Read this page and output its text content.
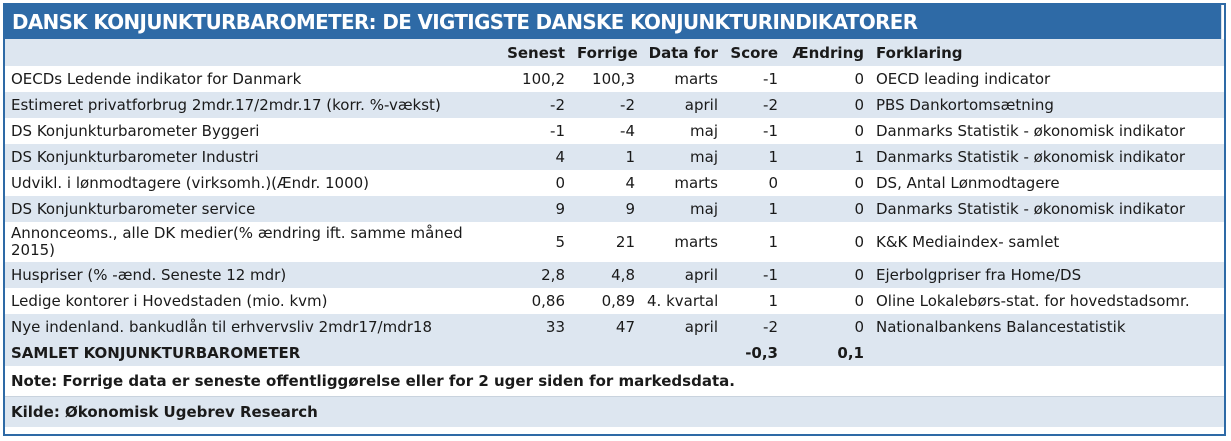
DANSK KONJUNKTURBAROMETER: DE VIGTIGSTE DANSKE KONJUNKTURINDIKATORER
	Senest	Forrige	Data for	Score	Ændring	Forklaring
OECDs Ledende indikator for Danmark	100,2	100,3	marts	-1	0	OECD leading indicator
Estimeret privatforbrug 2mdr.17/2mdr.17 (korr. %-vækst)	-2	-2	april	-2	0	PBS Dankortomsætning
DS Konjunkturbarometer Byggeri	-1	-4	maj	-1	0	Danmarks Statistik - økonomisk indikator
DS Konjunkturbarometer Industri	4	1	maj	1	1	Danmarks Statistik - økonomisk indikator
Udvikl. i lønmodtagere (virksomh.)(Ændr. 1000)	0	4	marts	0	0	DS, Antal Lønmodtagere
DS Konjunkturbarometer service	9	9	maj	1	0	Danmarks Statistik - økonomisk indikator
Annonceoms., alle DK medier(% ændring ift. samme måned 2015)	5	21	marts	1	0	K&K Mediaindex- samlet
Huspriser (% -ænd. Seneste 12 mdr)	2,8	4,8	april	-1	0	Ejerbolgpriser fra Home/DS
Ledige kontorer i Hovedstaden (mio. kvm)	0,86	0,89	4. kvartal	1	0	Oline Lokalebørs-stat. for hovedstadsomr.
Nye indenland. bankudlån til erhvervsliv 2mdr17/mdr18	33	47	april	-2	0	Nationalbankens Balancestatistik
SAMLET KONJUNKTURBAROMETER				-0,3	0,1	
Note: Forrige data er seneste offentliggørelse eller for 2 uger siden for markedsdata.						
Kilde: Økonomisk Ugebrev Research						
